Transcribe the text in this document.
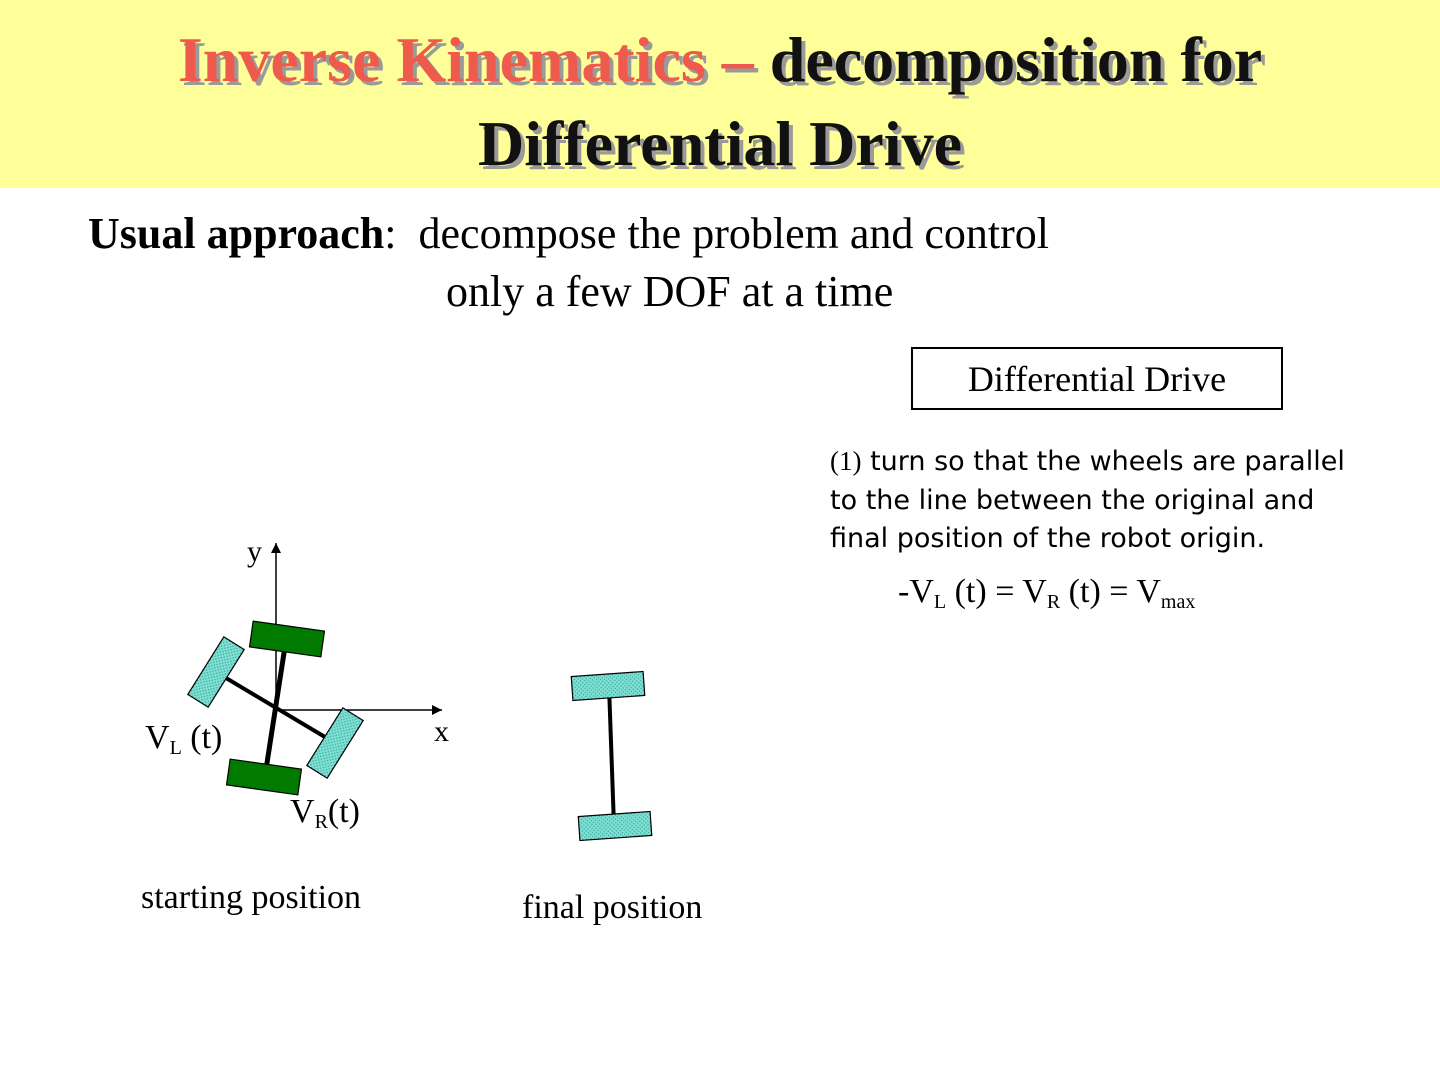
Inverse Kinematics – decomposition for
Differential Drive
Usual approach: decompose the problem and control
only a few DOF at a time
Differential Drive
(1) turn so that the wheels are parallel to the line between the original and final position of the robot origin.
$-V_L$ $(t) = V_R$ $(t) = V_{max}$
y
x
$V_L$ (t)
$V_R(t)$
starting position	final position
